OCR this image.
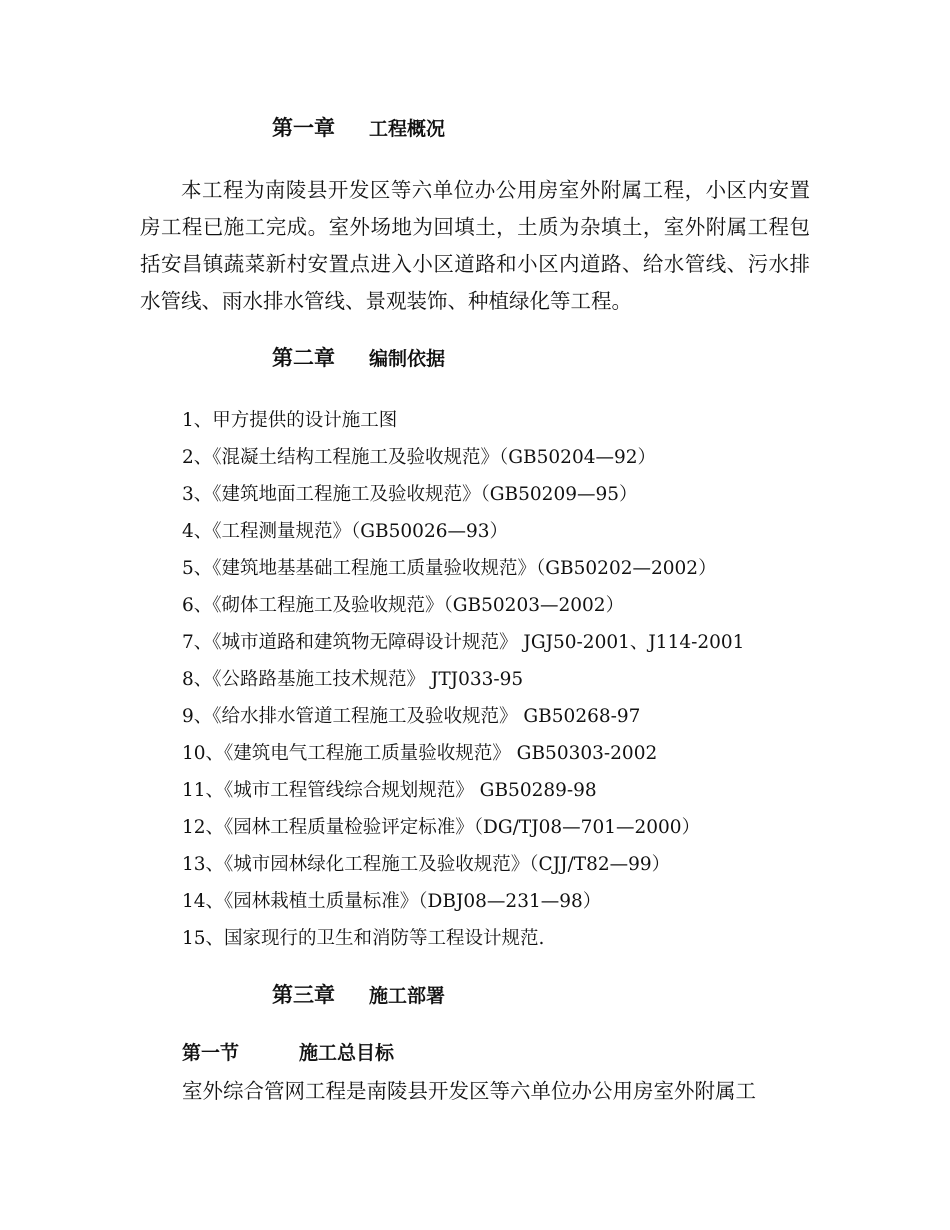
第一章 工程概况

本工程为南陵县开发区等六单位办公用房室外附属工程，小区内安置房工程已施工完成。室外场地为回填土，土质为杂填土，室外附属工程包括安昌镇蔬菜新村安置点进入小区道路和小区内道路、给水管线、污水排水管线、雨水排水管线、景观装饰、种植绿化等工程。

第二章 编制依据
1、甲方提供的设计施工图
2、《混凝土结构工程施工及验收规范》（GB50204—92）
3、《建筑地面工程施工及验收规范》（GB50209—95）
4、《工程测量规范》（GB50026—93）
5、《建筑地基基础工程施工质量验收规范》（GB50202—2002）
6、《砌体工程施工及验收规范》（GB50203—2002）
7、《城市道路和建筑物无障碍设计规范》 JGJ50-2001、J114-2001
8、《公路路基施工技术规范》 JTJ033-95
9、《给水排水管道工程施工及验收规范》 GB50268-97
10、《建筑电气工程施工质量验收规范》 GB50303-2002
11、《城市工程管线综合规划规范》 GB50289-98
12、《园林工程质量检验评定标准》（DG/TJ08—701—2000）
13、《城市园林绿化工程施工及验收规范》（CJJ/T82—99）
14、《园林栽植土质量标准》（DBJ08—231—98）
15、国家现行的卫生和消防等工程设计规范.
第三章 施工部署
第一节	施工总目标
室外综合管网工程是南陵县开发区等六单位办公用房室外附属工
